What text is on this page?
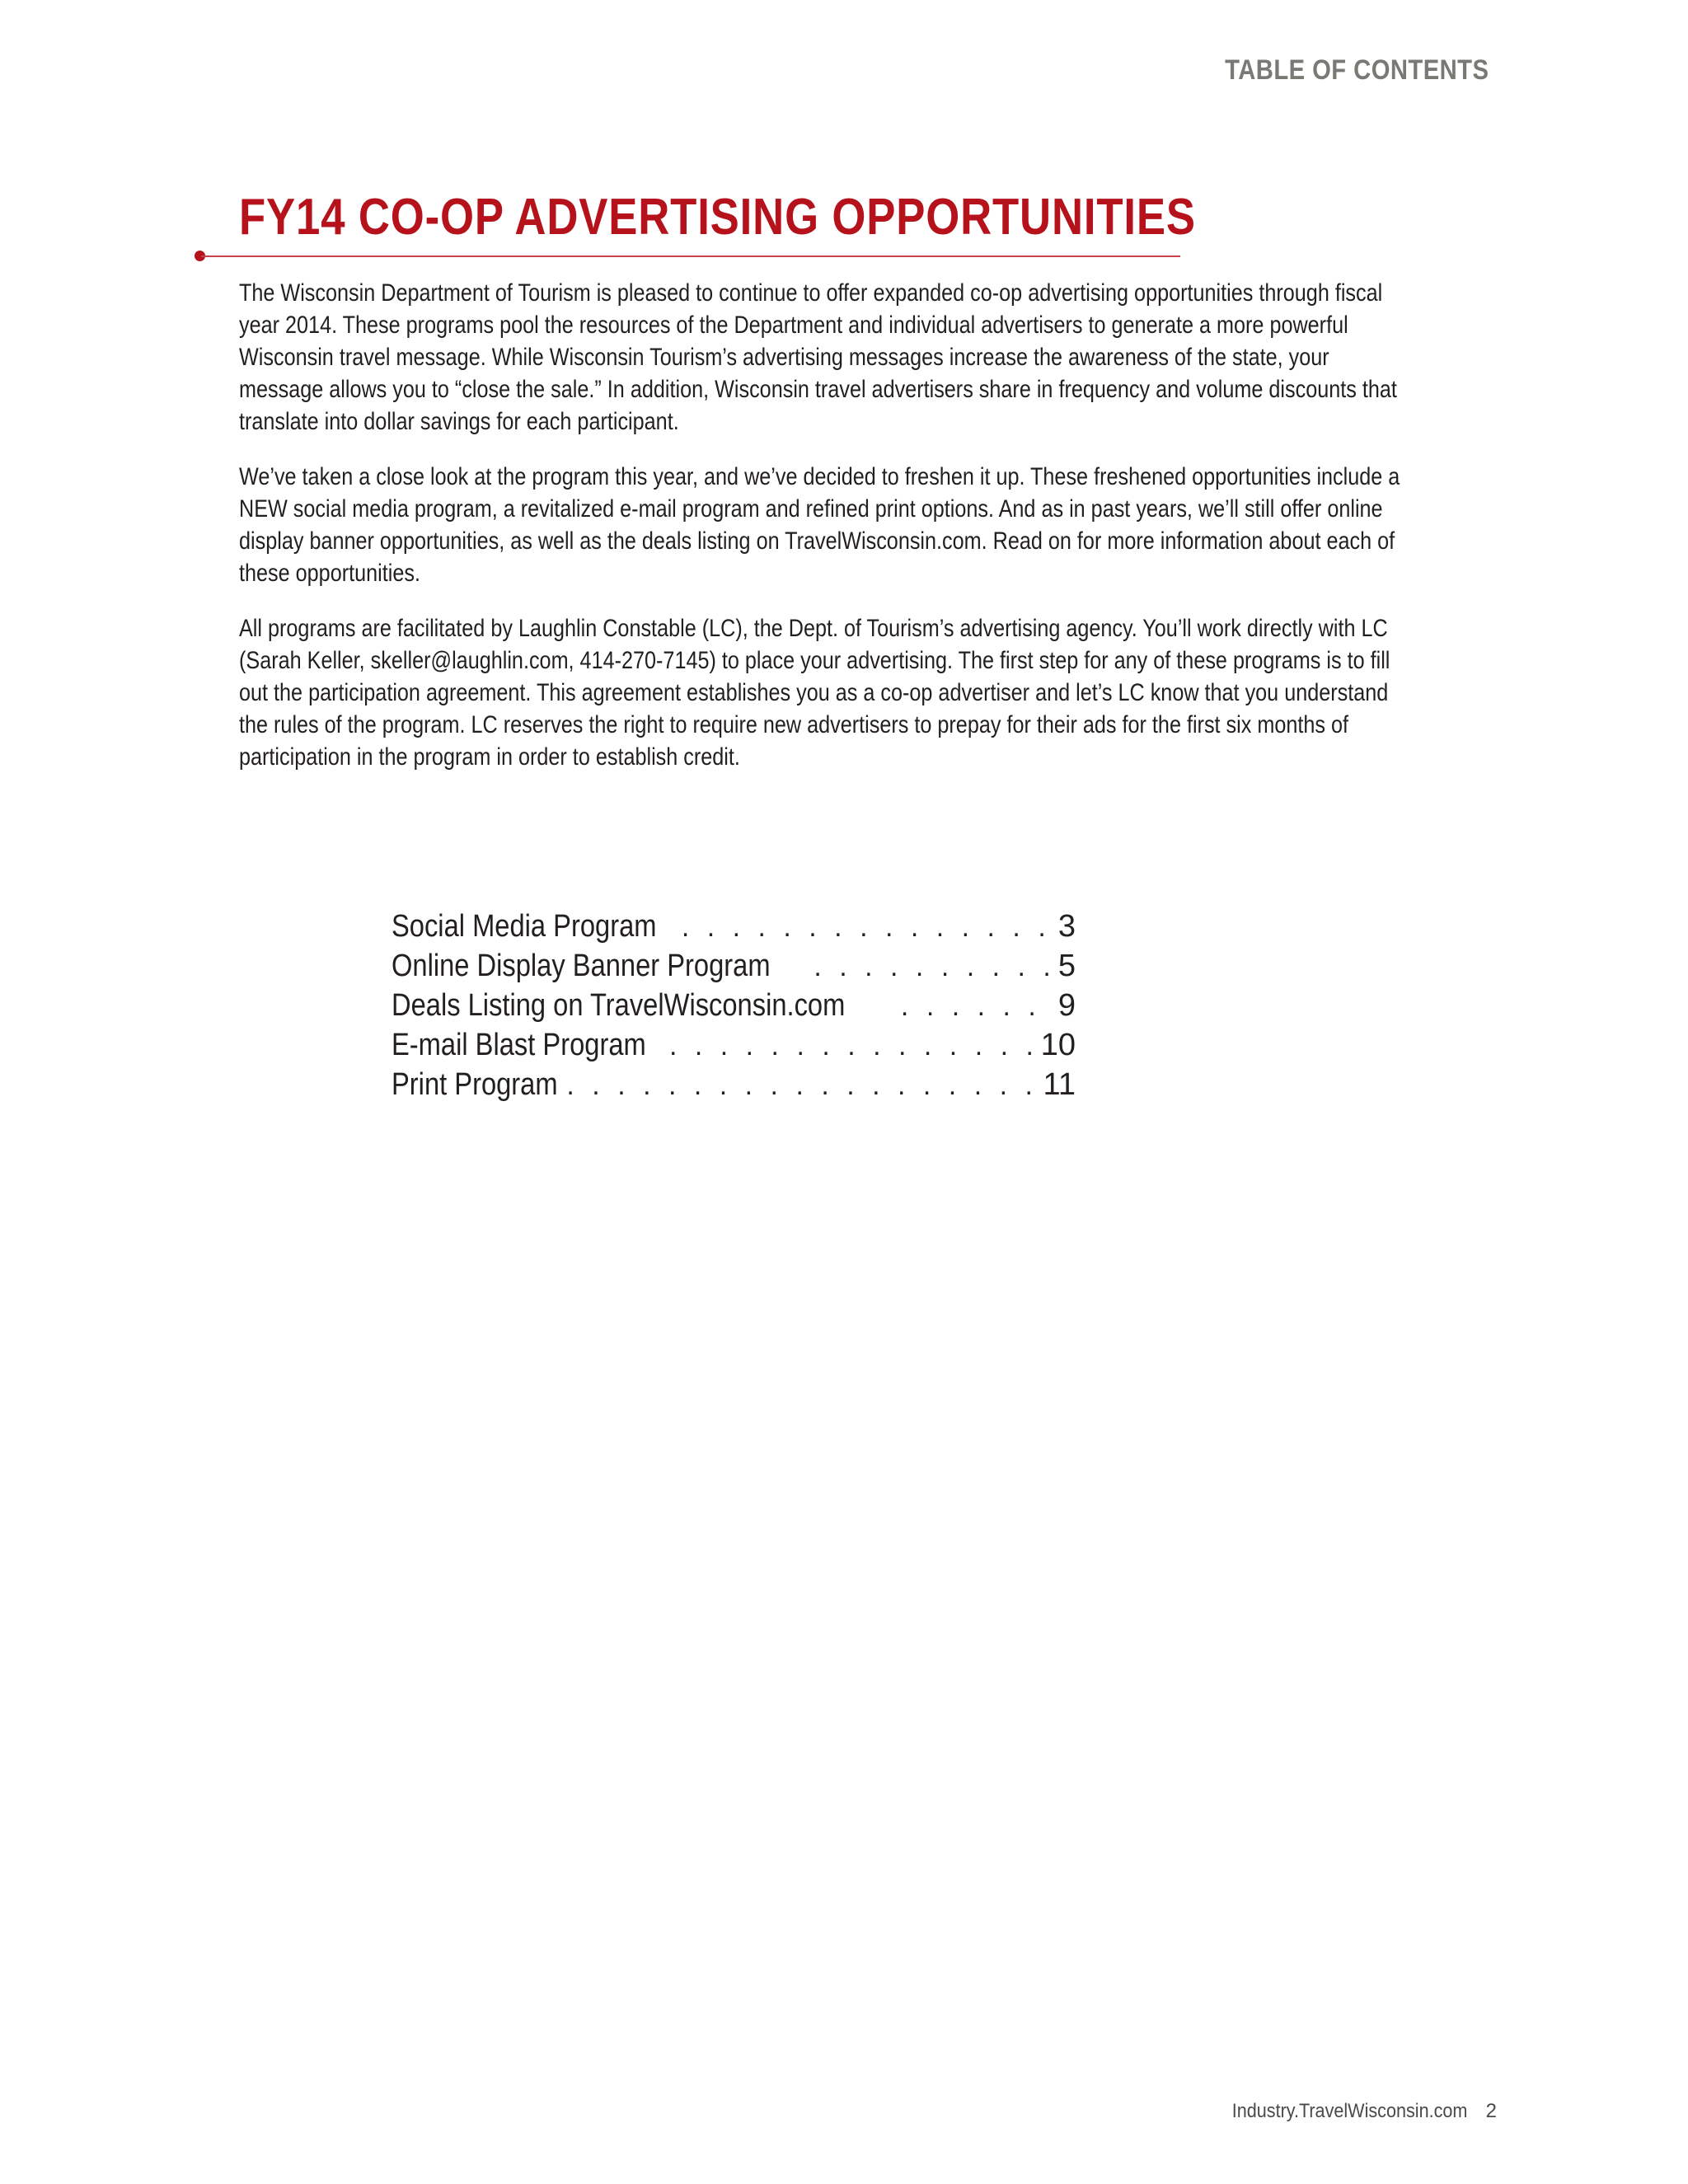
TABLE OF CONTENTS
FY14 CO-OP ADVERTISING OPPORTUNITIES

The Wisconsin Department of Tourism is pleased to continue to offer expanded co-op advertising opportunities through fiscal year 2014. These programs pool the resources of the Department and individual advertisers to generate a more powerful Wisconsin travel message. While Wisconsin Tourism’s advertising messages increase the awareness of the state, your message allows you to “close the sale.” In addition, Wisconsin travel advertisers share in frequency and volume discounts that translate into dollar savings for each participant.

We’ve taken a close look at the program this year, and we’ve decided to freshen it up. These freshened opportunities include a NEW social media program, a revitalized e-mail program and refined print options. And as in past years, we’ll still offer online display banner opportunities, as well as the deals listing on TravelWisconsin.com. Read on for more information about each of these opportunities.

All programs are facilitated by Laughlin Constable (LC), the Dept. of Tourism’s advertising agency. You’ll work directly with LC (Sarah Keller, skeller@laughlin.com, 414-270-7145) to place your advertising. The first step for any of these programs is to fill out the participation agreement. This agreement establishes you as a co-op advertiser and let’s LC know that you understand the rules of the program. LC reserves the right to require new advertisers to prepay for their ads for the first six months of participation in the program in order to establish credit.

Social Media Program . . .	3
Online Display Banner Program . . .	5
Deals Listing on TravelWisconsin.com . . .	9
E-mail Blast Program . . .	10
Print Program . . .	11
Industry.TravelWisconsin.com 2
